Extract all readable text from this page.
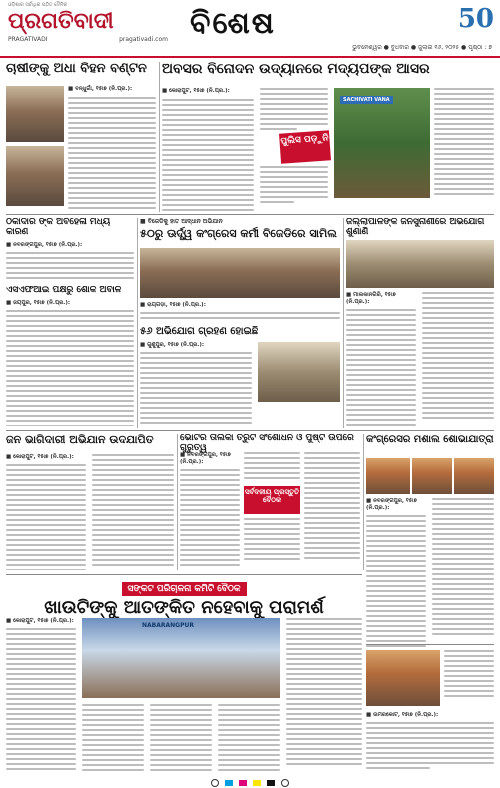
ଓଡ଼ିଶାର ସର୍ବାଧିକ ପଠିତ ଦୈନିକ
ପ୍ରଗତିବାଦୀ
PRAGATIVADI	pragativadi.com ବିଶେଷ	50
ଭୁବନେଶ୍ୱର ● ବୁଧବାର ● ଜୁଲାଇ ୧୬, ୨୦୨୫ ● ପୃଷ୍ଠା : ୭
ଚାଷୀଙ୍କୁ ଅଧା ବିହନ ବଣ୍ଟନ
■ ବନ୍ଧୁଗାଁ, ୧୫ା୭ (ନି.ପ୍ର.):
ଅବସର ବିନୋଦନ ଉଦ୍ୟାନରେ ମଦ୍ୟପଙ୍କ ଆସର
■ କୋରାପୁଟ, ୧୫ା୭ (ନି.ପ୍ର.):
ପୁଲିସ ପଡ଼ୁନି
SACHIVATI VANA
ଠିକାଦାର ଙ୍କ ଅବହେଳା ମଧ୍ୟ କାରଣ
■ ନବରଙ୍ଗପୁର, ୧୫ା୭ (ନି.ପ୍ର.):
ଏସଏଫଆଇ ପକ୍ଷରୁ ଶୋକ ଅବାଳ
■ ଜୟପୁର, ୧୫ା୭ (ନି.ପ୍ର.):
■ ବିଜେଡିକୁ ହାତ ଆଦ୍ଧାନ ଅଭିଯାନ
୫୦ରୁ ଊର୍ଦ୍ଧ୍ୱ କଂଗ୍ରେସ କର୍ମୀ ବିଜେଡିରେ ସାମିଲ
■ ରାୟଗଡ଼ା, ୧୫ା୭ (ନି.ପ୍ର.):
୫୬ ଅଭିଯୋଗ ଗ୍ରହଣ ହୋଇଛି
■ ଗୁଣୁପୁର, ୧୫ା୭ (ନି.ପ୍ର.):
ଜିଲ୍ଲାପାଳଙ୍କ ଜନସୁନାଣୀରେ ଅଭିଯୋଗ ଶୁଣାଣି
■ ମାଲକାନଗିରି, ୧୫ା୭ (ନି.ପ୍ର.):
ଜନ ଭାଗିଦାରୀ ଅଭିଯାନ ଉଦଯାପିତ
■ କୋରାପୁଟ, ୧୫ା୭ (ନି.ପ୍ର.):
ଭୋଟର ତାଲିକା ତ୍ରୁଟି ସଂଶୋଧନ ଓ ପୁଷ୍ଟି ଉପରେ ଗୁରୁତ୍ୱ
■ ନବରଙ୍ଗପୁର, ୧୫ା୭ (ନି.ପ୍ର.):
ସର୍ବଦଳୀୟ ପ୍ରସ୍ତୁତି ବୈଠକ
କଂଗ୍ରେସର ମଶାଲ ଶୋଭାଯାତ୍ରା
■ ନବରଙ୍ଗପୁର, ୧୫ା୭ (ନି.ପ୍ର.):
■ ଉମରକୋଟ, ୧୫ା୭ (ନି.ପ୍ର.):
ସଙ୍କଟ ପରିଚାଳନା କମିଟି ବୈଠକ
ଖାଉଟିଙ୍କୁ ଆତଙ୍କିତ ନହେବାକୁ ପରାମର୍ଶ
■ କୋରାପୁଟ, ୧୫ା୭ (ନି.ପ୍ର.):
NABARANGPUR
